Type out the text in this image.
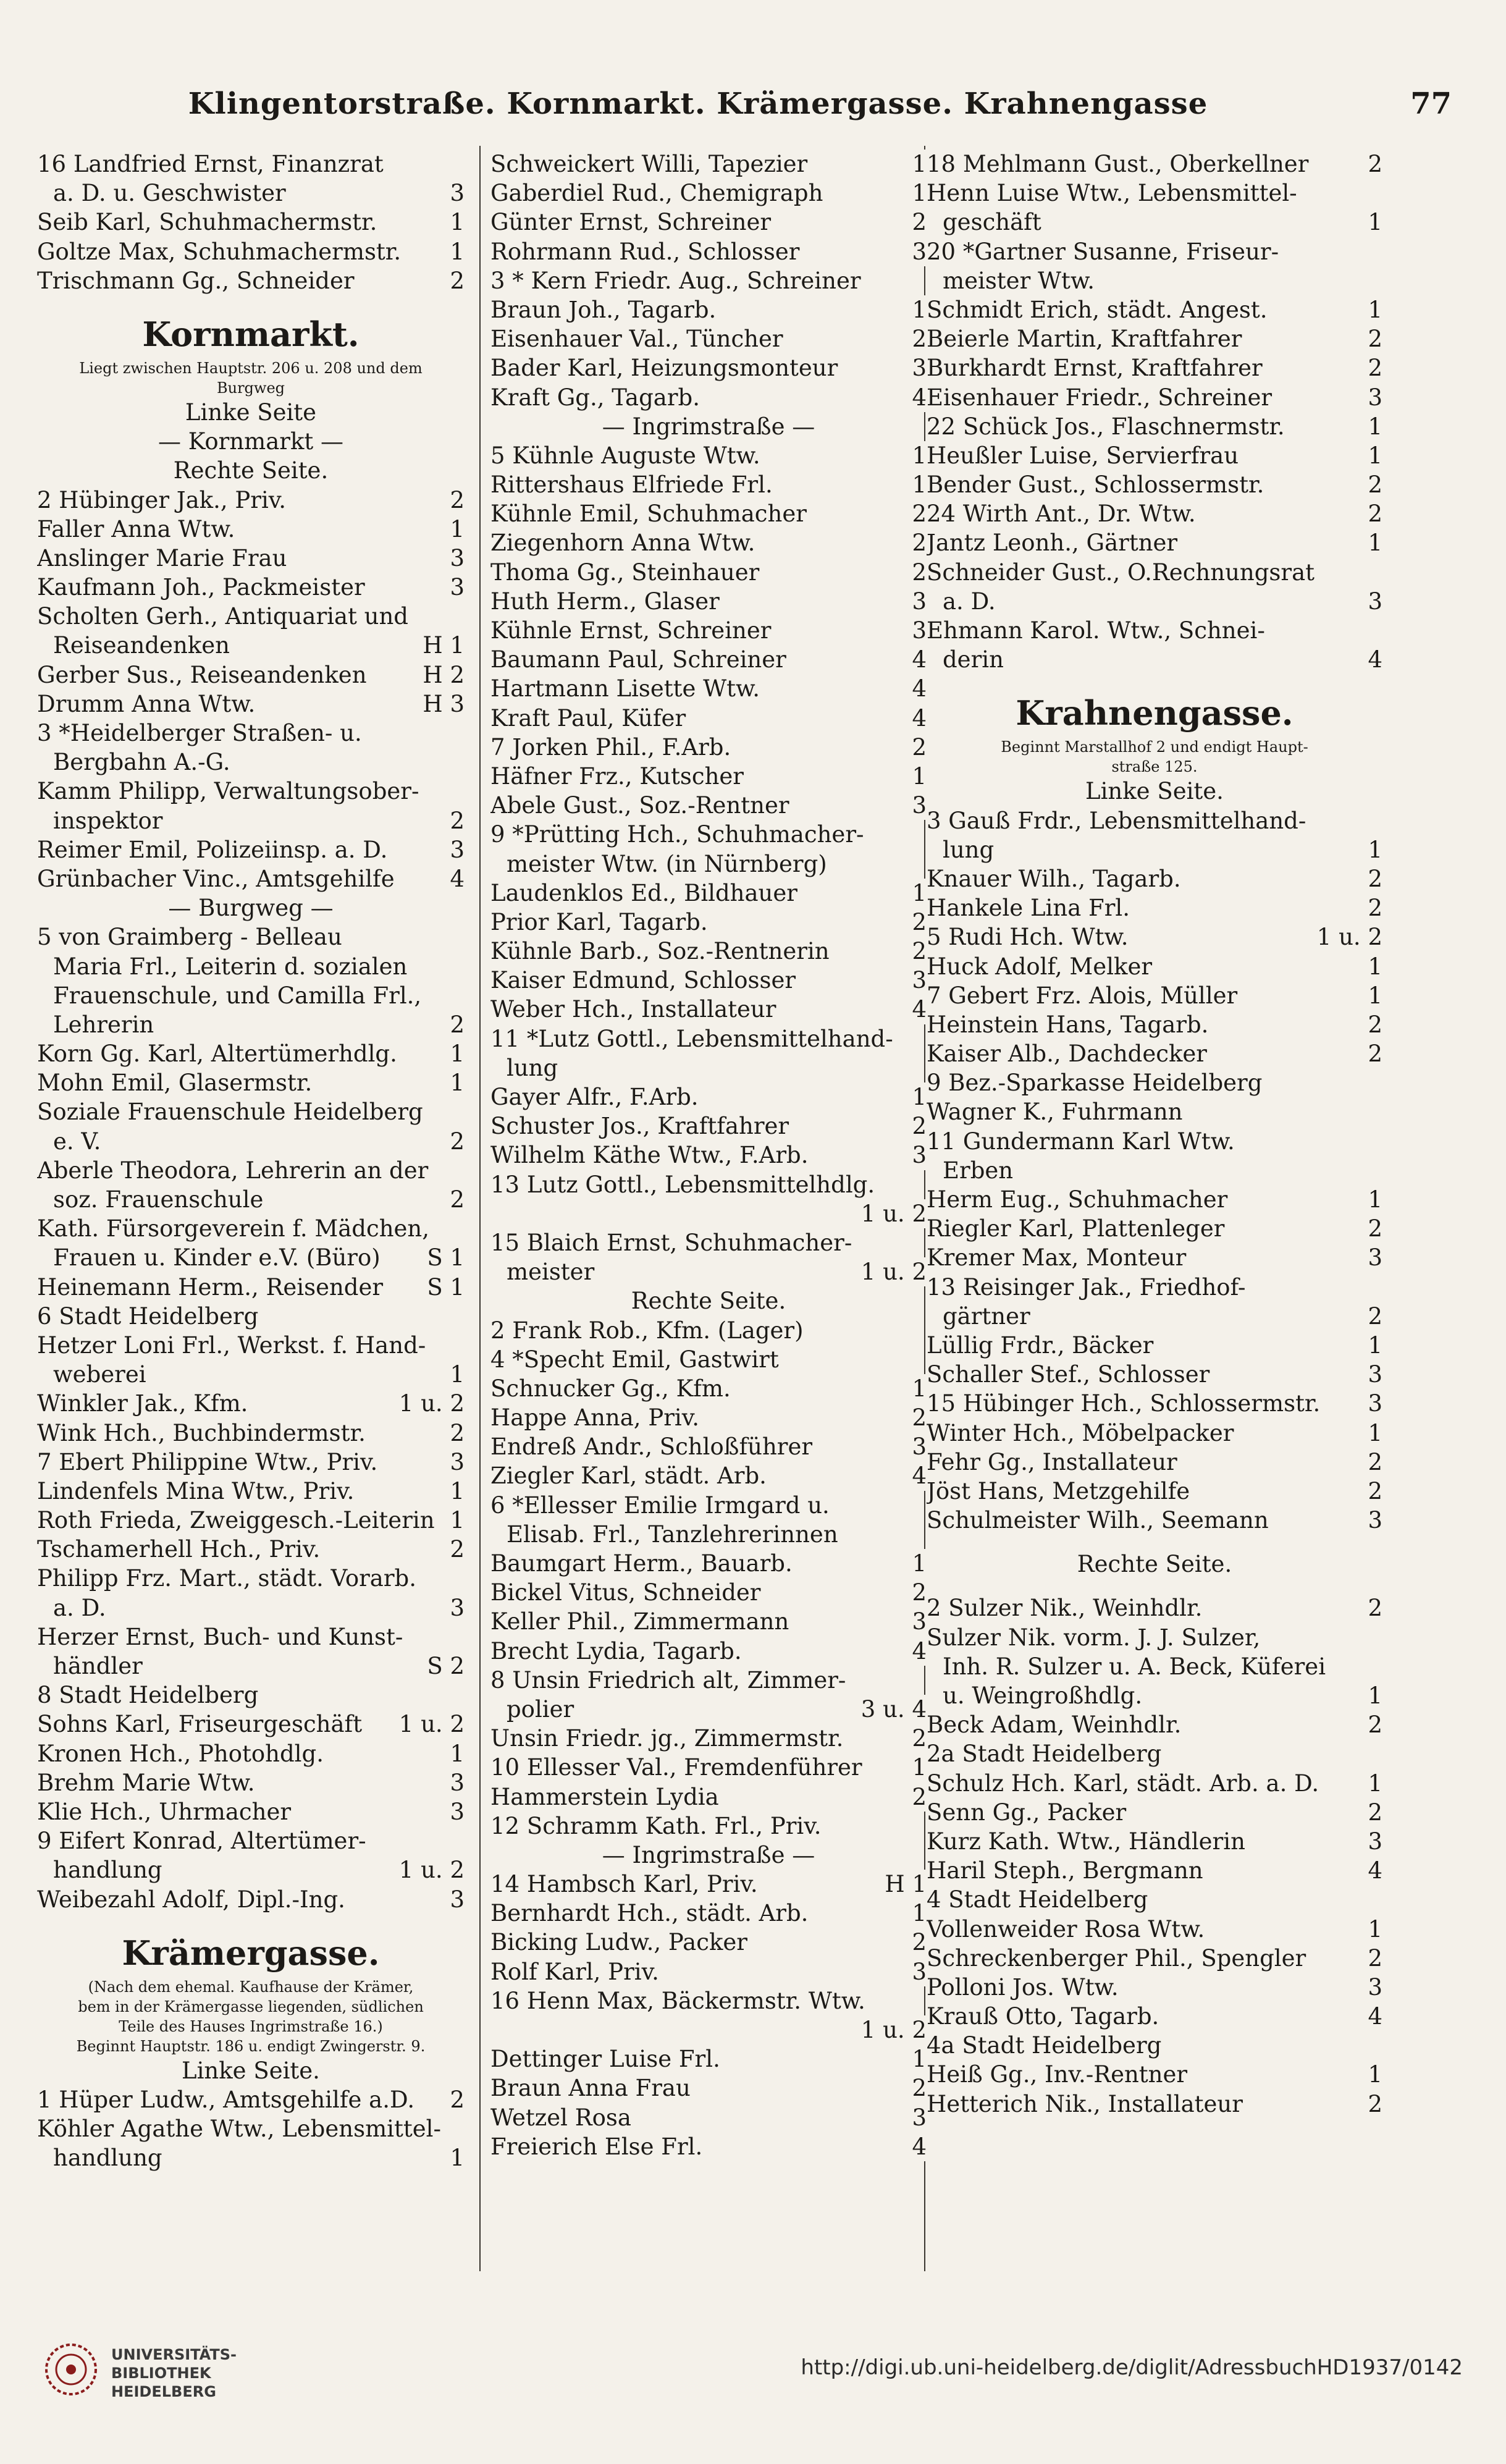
Klingentorstraße. Kornmarkt. Krämergasse. Krahnengasse	77
16 Landfried Ernst, Finanzrat
a. D. u. Geschwister	3
Seib Karl, Schuhmachermstr.	1
Goltze Max, Schuhmachermstr. 1
Trischmann Gg., Schneider	2
Kornmarkt.
Liegt zwischen Hauptstr. 206 u. 208 und dem
Burgweg
Linke Seite
— Kornmarkt —
Rechte Seite.
2 Hübinger Jak., Priv.	2
Faller Anna Wtw.	1
Anslinger Marie Frau	3
Kaufmann Joh., Packmeister	3
Scholten Gerh., Antiquariat und
Reiseandenken	H 1
Gerber Sus., Reiseandenken H 2
Drumm Anna Wtw.	H 3
3 *Heidelberger Straßen- u.
Bergbahn A.-G.
Kamm Philipp, Verwaltungsober-
inspektor	2
Reimer Emil, Polizeiinsp. a. D.	3
Grünbacher Vinc., Amtsgehilfe 4
— Burgweg —
5 von Graimberg - Belleau
Maria Frl., Leiterin d. sozialen
Frauenschule, und Camilla Frl.,
Lehrerin	2
Korn Gg. Karl, Altertümerhdlg. 1
Mohn Emil, Glasermstr.	1
Soziale Frauenschule Heidelberg
e. V.	2
Aberle Theodora, Lehrerin an der
soz. Frauenschule	2
Kath. Fürsorgeverein f. Mädchen,
Frauen u. Kinder e.V. (Büro) S 1
Heinemann Herm., Reisender S 1
6 Stadt Heidelberg
Hetzer Loni Frl., Werkst. f. Hand-
weberei	1
Winkler Jak., Kfm.	1 u. 2
Wink Hch., Buchbindermstr.	2
7 Ebert Philippine Wtw., Priv.	3
Lindenfels Mina Wtw., Priv.	1
Roth Frieda, Zweiggesch.-Leiterin 1
Tschamerhell Hch., Priv.	2
Philipp Frz. Mart., städt. Vorarb.
a. D.	3
Herzer Ernst, Buch- und Kunst-
händler	S 2
8 Stadt Heidelberg
Sohns Karl, Friseurgeschäft 1 u. 2
Kronen Hch., Photohdlg.	1
Brehm Marie Wtw.	3
Klie Hch., Uhrmacher	3
9 Eifert Konrad, Altertümer-
handlung	1 u. 2
Weibezahl Adolf, Dipl.-Ing.	3
Krämergasse.
(Nach dem ehemal. Kaufhause der Krämer,
bem in der Krämergasse liegenden, südlichen
Teile des Hauses Ingrimstraße 16.)
Beginnt Hauptstr. 186 u. endigt Zwingerstr. 9.
Linke Seite.
1 Hüper Ludw., Amtsgehilfe a.D. 2
Köhler Agathe Wtw., Lebensmittel-
handlung	1
Schweickert Willi, Tapezier	1
Gaberdiel Rud., Chemigraph	1
Günter Ernst, Schreiner	2
Rohrmann Rud., Schlosser	3
3 * Kern Friedr. Aug., Schreiner
Braun Joh., Tagarb.	1
Eisenhauer Val., Tüncher	2
Bader Karl, Heizungsmonteur	3
Kraft Gg., Tagarb.	4
— Ingrimstraße —
5 Kühnle Auguste Wtw.	1
Rittershaus Elfriede Frl.	1
Kühnle Emil, Schuhmacher	2
Ziegenhorn Anna Wtw.	2
Thoma Gg., Steinhauer	2
Huth Herm., Glaser	3
Kühnle Ernst, Schreiner	3
Baumann Paul, Schreiner	4
Hartmann Lisette Wtw.	4
Kraft Paul, Küfer	4
7 Jorken Phil., F.Arb.	2
Häfner Frz., Kutscher	1
Abele Gust., Soz.-Rentner	3
9 *Prütting Hch., Schuhmacher-
meister Wtw. (in Nürnberg)
Laudenklos Ed., Bildhauer	1
Prior Karl, Tagarb.	2
Kühnle Barb., Soz.-Rentnerin	2
Kaiser Edmund, Schlosser	3
Weber Hch., Installateur	4
11 *Lutz Gottl., Lebensmittelhand-
lung
Gayer Alfr., F.Arb.	1
Schuster Jos., Kraftfahrer	2
Wilhelm Käthe Wtw., F.Arb.	3
13 Lutz Gottl., Lebensmittelhdlg.
1 u. 2
15 Blaich Ernst, Schuhmacher-
meister	1 u. 2
Rechte Seite.
2 Frank Rob., Kfm. (Lager)
4 *Specht Emil, Gastwirt
Schnucker Gg., Kfm.	1
Happe Anna, Priv.	2
Endreß Andr., Schloßführer	3
Ziegler Karl, städt. Arb.	4
6 *Ellesser Emilie Irmgard u.
Elisab. Frl., Tanzlehrerinnen
Baumgart Herm., Bauarb.	1
Bickel Vitus, Schneider	2
Keller Phil., Zimmermann	3
Brecht Lydia, Tagarb.	4
8 Unsin Friedrich alt, Zimmer-
polier	3 u. 4
Unsin Friedr. jg., Zimmermstr.	2
10 Ellesser Val., Fremdenführer 1
Hammerstein Lydia	2
12 Schramm Kath. Frl., Priv.
— Ingrimstraße —
14 Hambsch Karl, Priv.	H 1
Bernhardt Hch., städt. Arb.	1
Bicking Ludw., Packer	2
Rolf Karl, Priv.	3
16 Henn Max, Bäckermstr. Wtw.
1 u. 2
Dettinger Luise Frl.	1
Braun Anna Frau	2
Wetzel Rosa	3
Freierich Else Frl.	4
18 Mehlmann Gust., Oberkellner	2
Henn Luise Wtw., Lebensmittel-
geschäft	1
20 *Gartner Susanne, Friseur-
meister Wtw.
Schmidt Erich, städt. Angest.	1
Beierle Martin, Kraftfahrer	2
Burkhardt Ernst, Kraftfahrer	2
Eisenhauer Friedr., Schreiner	3
22 Schück Jos., Flaschnermstr.	1
Heußler Luise, Servierfrau	1
Bender Gust., Schlossermstr.	2
24 Wirth Ant., Dr. Wtw.	2
Jantz Leonh., Gärtner	1
Schneider Gust., O.Rechnungsrat
a. D.	3
Ehmann Karol. Wtw., Schnei-
derin	4
Krahnengasse.
Beginnt Marstallhof 2 und endigt Haupt-
straße 125.
Linke Seite.
3 Gauß Frdr., Lebensmittelhand-
lung	1
Knauer Wilh., Tagarb.	2
Hankele Lina Frl.	2
5 Rudi Hch. Wtw.	1 u. 2
Huck Adolf, Melker	1
7 Gebert Frz. Alois, Müller	1
Heinstein Hans, Tagarb.	2
Kaiser Alb., Dachdecker	2
9 Bez.-Sparkasse Heidelberg
Wagner K., Fuhrmann
11 Gundermann Karl Wtw.
Erben
Herm Eug., Schuhmacher	1
Riegler Karl, Plattenleger	2
Kremer Max, Monteur	3
13 Reisinger Jak., Friedhof-
gärtner	2
Lüllig Frdr., Bäcker	1
Schaller Stef., Schlosser	3
15 Hübinger Hch., Schlossermstr. 3
Winter Hch., Möbelpacker	1
Fehr Gg., Installateur	2
Jöst Hans, Metzgehilfe	2
Schulmeister Wilh., Seemann	3
Rechte Seite.
2 Sulzer Nik., Weinhdlr.	2
Sulzer Nik. vorm. J. J. Sulzer,
Inh. R. Sulzer u. A. Beck, Küferei
u. Weingroßhdlg.	1
Beck Adam, Weinhdlr.	2
2a Stadt Heidelberg
Schulz Hch. Karl, städt. Arb. a. D. 1
Senn Gg., Packer	2
Kurz Kath. Wtw., Händlerin	3
Haril Steph., Bergmann	4
4 Stadt Heidelberg
Vollenweider Rosa Wtw.	1
Schreckenberger Phil., Spengler	2
Polloni Jos. Wtw.	3
Krauß Otto, Tagarb.	4
4a Stadt Heidelberg
Heiß Gg., Inv.-Rentner	1
Hetterich Nik., Installateur	2
UNIVERSITÄTS-
BIBLIOTHEK
HEIDELBERG
http://digi.ub.uni-heidelberg.de/diglit/AdressbuchHD1937/0142
